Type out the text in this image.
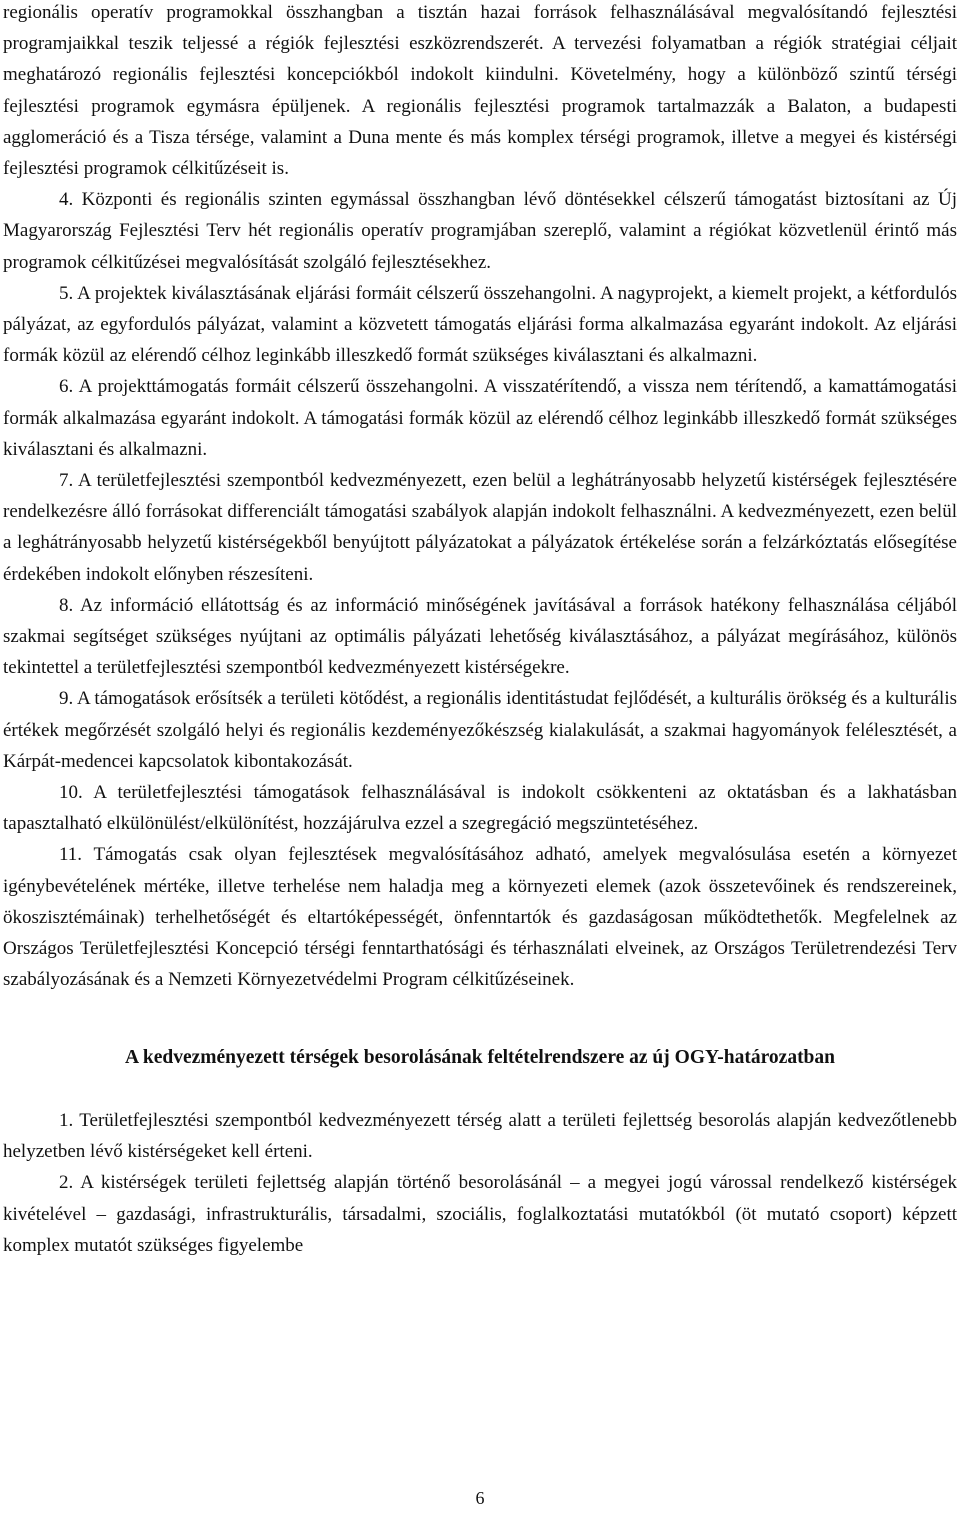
regionális operatív programokkal összhangban a tisztán hazai források felhasználásával megvalósítandó fejlesztési programjaikkal teszik teljessé a régiók fejlesztési eszközrendszerét. A tervezési folyamatban a régiók stratégiai céljait meghatározó regionális fejlesztési koncepciókból indokolt kiindulni. Követelmény, hogy a különböző szintű térségi fejlesztési programok egymásra épüljenek. A regionális fejlesztési programok tartalmazzák a Balaton, a budapesti agglomeráció és a Tisza térsége, valamint a Duna mente és más komplex térségi programok, illetve a megyei és kistérségi fejlesztési programok célkitűzéseit is.

4. Központi és regionális szinten egymással összhangban lévő döntésekkel célszerű támogatást biztosítani az Új Magyarország Fejlesztési Terv hét regionális operatív programjában szereplő, valamint a régiókat közvetlenül érintő más programok célkitűzései megvalósítását szolgáló fejlesztésekhez.

5. A projektek kiválasztásának eljárási formáit célszerű összehangolni. A nagyprojekt, a kiemelt projekt, a kétfordulós pályázat, az egyfordulós pályázat, valamint a közvetett támogatás eljárási forma alkalmazása egyaránt indokolt. Az eljárási formák közül az elérendő célhoz leginkább illeszkedő formát szükséges kiválasztani és alkalmazni.

6. A projekttámogatás formáit célszerű összehangolni. A visszatérítendő, a vissza nem térítendő, a kamattámogatási formák alkalmazása egyaránt indokolt. A támogatási formák közül az elérendő célhoz leginkább illeszkedő formát szükséges kiválasztani és alkalmazni.

7. A területfejlesztési szempontból kedvezményezett, ezen belül a leghátrányosabb helyzetű kistérségek fejlesztésére rendelkezésre álló forrásokat differenciált támogatási szabályok alapján indokolt felhasználni. A kedvezményezett, ezen belül a leghátrányosabb helyzetű kistérségekből benyújtott pályázatokat a pályázatok értékelése során a felzárkóztatás elősegítése érdekében indokolt előnyben részesíteni.

8. Az információ ellátottság és az információ minőségének javításával a források hatékony felhasználása céljából szakmai segítséget szükséges nyújtani az optimális pályázati lehetőség kiválasztásához, a pályázat megírásához, különös tekintettel a területfejlesztési szempontból kedvezményezett kistérségekre.

9. A támogatások erősítsék a területi kötődést, a regionális identitástudat fejlődését, a kulturális örökség és a kulturális értékek megőrzését szolgáló helyi és regionális kezdeményezőkészség kialakulását, a szakmai hagyományok felélesztését, a Kárpát-medencei kapcsolatok kibontakozását.

10. A területfejlesztési támogatások felhasználásával is indokolt csökkenteni az oktatásban és a lakhatásban tapasztalható elkülönülést/elkülönítést, hozzájárulva ezzel a szegregáció megszüntetéséhez.

11. Támogatás csak olyan fejlesztések megvalósításához adható, amelyek megvalósulása esetén a környezet igénybevételének mértéke, illetve terhelése nem haladja meg a környezeti elemek (azok összetevőinek és rendszereinek, ökoszisztémáinak) terhelhetőségét és eltartóképességét, önfenntartók és gazdaságosan működtethetők. Megfelelnek az Országos Területfejlesztési Koncepció térségi fenntarthatósági és térhasználati elveinek, az Országos Területrendezési Terv szabályozásának és a Nemzeti Környezetvédelmi Program célkitűzéseinek.

A kedvezményezett térségek besorolásának feltételrendszere az új OGY-határozatban

1. Területfejlesztési szempontból kedvezményezett térség alatt a területi fejlettség besorolás alapján kedvezőtlenebb helyzetben lévő kistérségeket kell érteni.

2. A kistérségek területi fejlettség alapján történő besorolásánál – a megyei jogú várossal rendelkező kistérségek kivételével – gazdasági, infrastrukturális, társadalmi, szociális, foglalkoztatási mutatókból (öt mutató csoport) képzett komplex mutatót szükséges figyelembe

6
